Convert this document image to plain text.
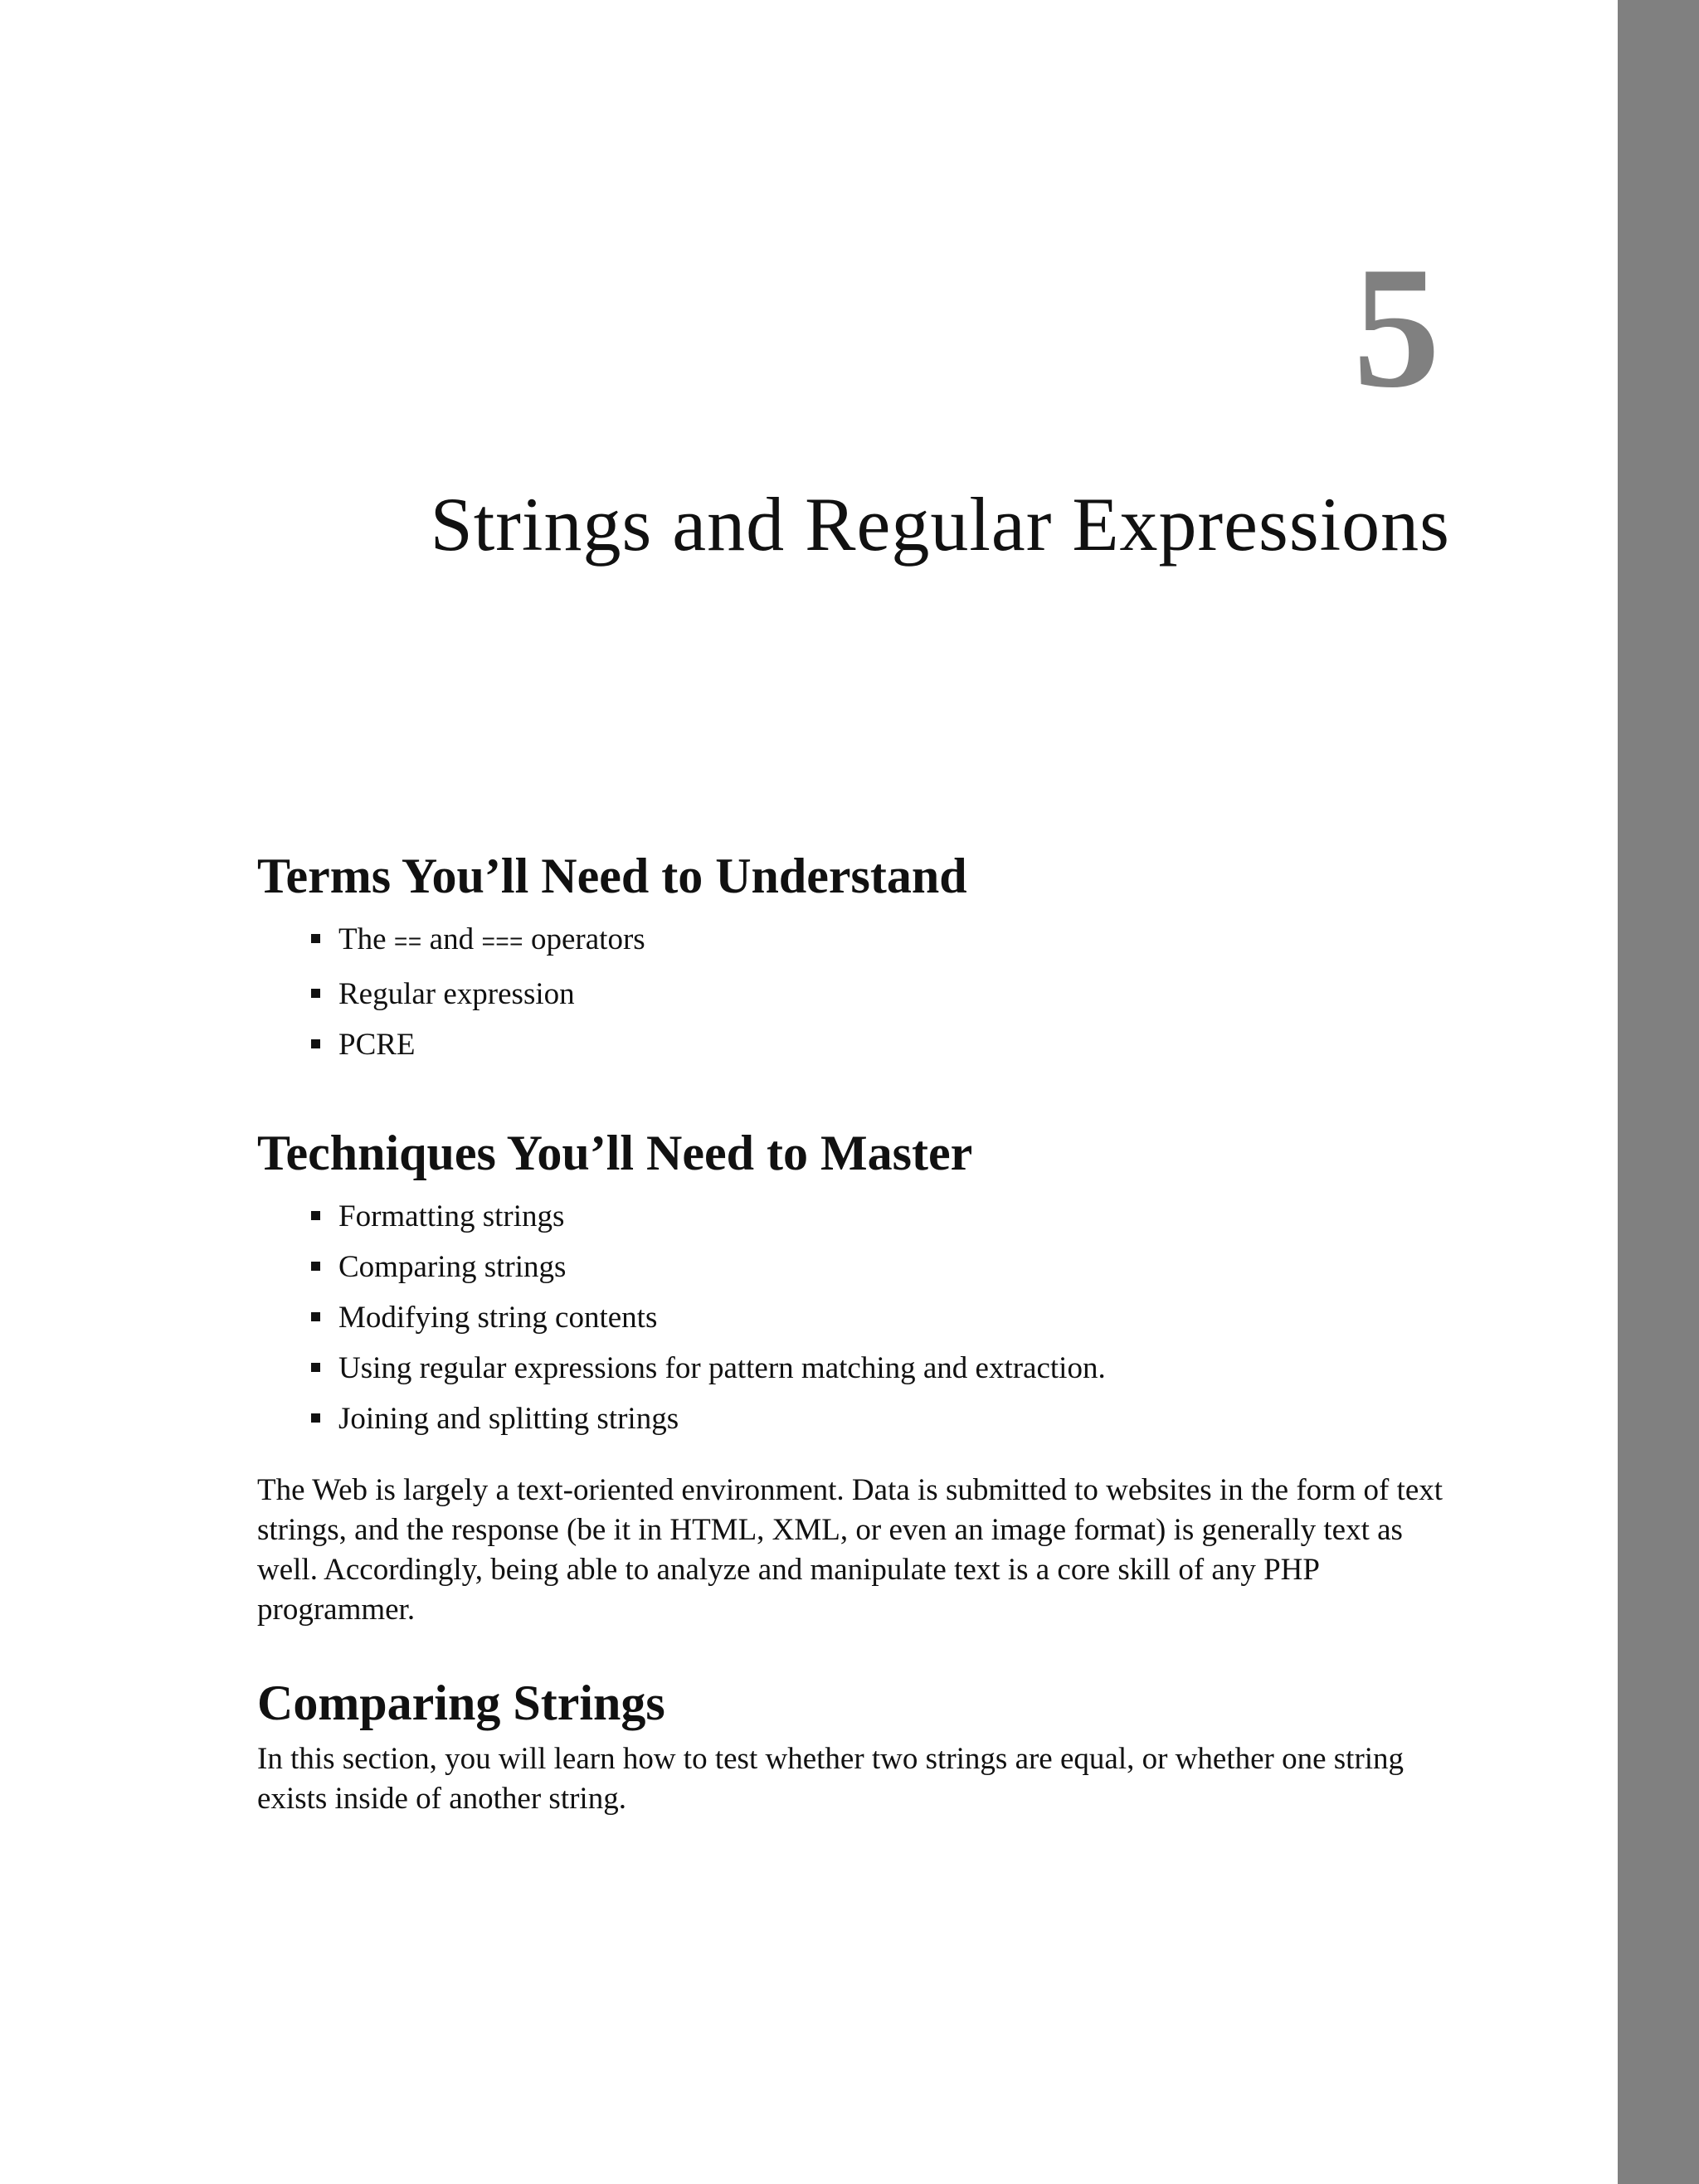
5
Strings and Regular Expressions
Terms You’ll Need to Understand
The == and === operators
Regular expression
PCRE
Techniques You’ll Need to Master
Formatting strings
Comparing strings
Modifying string contents
Using regular expressions for pattern matching and extraction.
Joining and splitting strings

The Web is largely a text-oriented environment. Data is submitted to websites in the form of text strings, and the response (be it in HTML, XML, or even an image format) is generally text as well. Accordingly, being able to analyze and manipulate text is a core skill of any PHP programmer.

Comparing Strings

In this section, you will learn how to test whether two strings are equal, or whether one string exists inside of another string.
